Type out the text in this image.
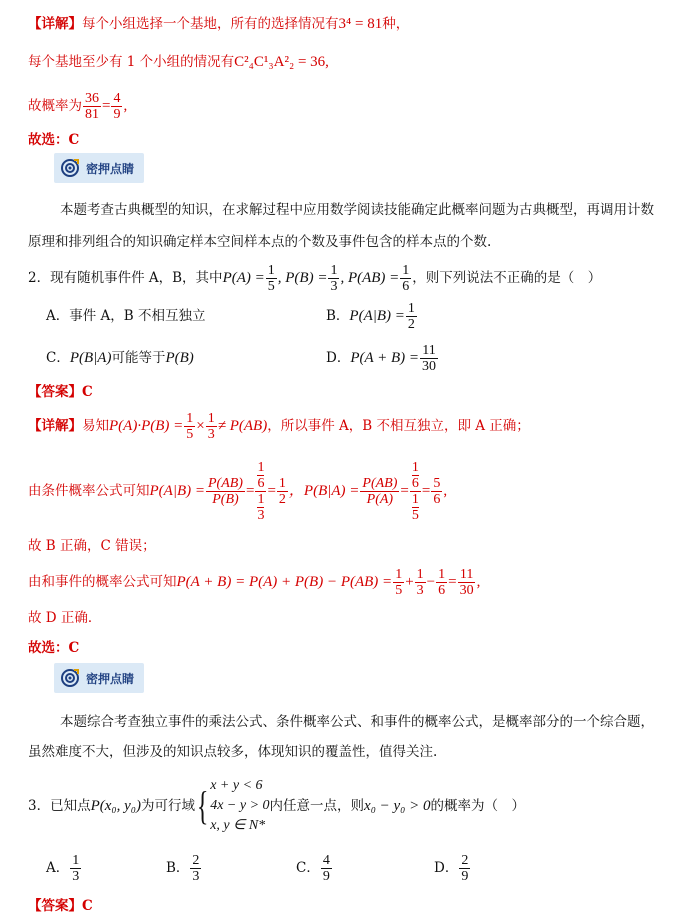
【详解】每个小组选择一个基地，所有的选择情况有3⁴ = 81种，
每个基地至少有 1 个小组的情况有C²₄C¹₃A²₂ = 36,
故概率为 $\frac{36}{81} = \frac{4}{9}$ ,
故选：C
密押点睛
本题考查古典概型的知识，在求解过程中应用数学阅读技能确定此概率问题为古典概型，再调用计数
原理和排列组合的知识确定样本空间样本点的个数及事件包含的样本点的个数.
2．现有随机事件件 A，B，其中$P(A) = \frac{1}{5}$ , $P(B) = \frac{1}{3}$ , $P(AB) = \frac{1}{6}$ ，则下列说法不正确的是（　）
A．事件 A，B 不相互独立	B．$P(A|B) = \frac{1}{2}$
C．P(B|A)可能等于P(B)	D．$P(A + B) = \frac{11}{30}$
【答案】C
【详解】易知$P(A)\cdot P(B) = \frac{1}{5} \times \frac{1}{3} \ne P(AB)$，所以事件 A，B 不相互独立，即 A 正确；
由条件概率公式可知 $P(A|B) = \frac{P(AB)}{P(B)} = \frac{\frac{1}{6}}{\frac{1}{3}} = \frac{1}{2}$ ，$P(B|A) = \frac{P(AB)}{P(A)} = \frac{\frac{1}{6}}{\frac{1}{5}} = \frac{5}{6}$ ,
故 B 正确，C 错误；
由和事件的概率公式可知$P(A + B) = P(A) + P(B) - P(AB) = \frac{1}{5} + \frac{1}{3} - \frac{1}{6} = \frac{11}{30}$ ,
故 D 正确．
故选：C
密押点睛
本题综合考查独立事件的乘法公式、条件概率公式、和事件的概率公式，是概率部分的一个综合题，
虽然难度不大，但涉及的知识点较多，体现知识的覆盖性，值得关注.
3．已知点 P(x₀, y₀) 为可行域 { x + y < 6
4x − y > 0
x, y ∈ N*
内任意一点，则 x₀ − y₀ > 0 的概率为（　）
A． $\frac{1}{3}$	B． $\frac{2}{3}$	C． $\frac{4}{9}$	D． $\frac{2}{9}$
【答案】C
